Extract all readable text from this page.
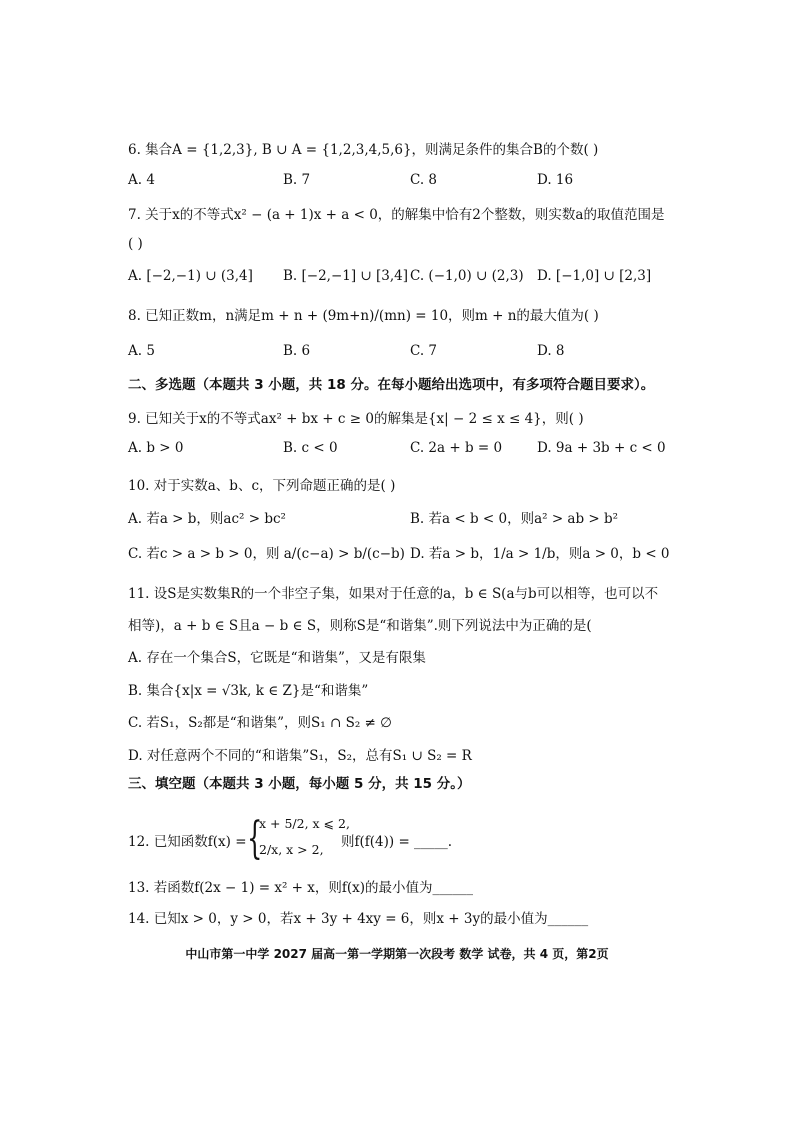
6. 集合A = {1,2,3}, B ∪ A = {1,2,3,4,5,6}，则满足条件的集合B的个数( )
A. 4	B. 7	C. 8	D. 16
7. 关于x的不等式x² − (a + 1)x + a < 0，的解集中恰有2个整数，则实数a的取值范围是
( )
A. [−2,−1) ∪ (3,4] B. [−2,−1] ∪ [3,4] C. (−1,0) ∪ (2,3) D. [−1,0] ∪ [2,3]
8. 已知正数m，n满足m + n + (9m+n)/(mn) = 10，则m + n的最大值为( )
A. 5	B. 6	C. 7	D. 8
二、多选题（本题共 3 小题，共 18 分。在每小题给出选项中，有多项符合题目要求）。
9. 已知关于x的不等式ax² + bx + c ≥ 0的解集是{x| − 2 ≤ x ≤ 4}，则( )
A. b > 0	B. c < 0	C. 2a + b = 0	D. 9a + 3b + c < 0
10. 对于实数a、b、c，下列命题正确的是( )
A. 若a > b，则ac² > bc²	B. 若a < b < 0，则a² > ab > b²
C. 若c > a > b > 0，则 a/(c−a) > b/(c−b) D. 若a > b，1/a > 1/b，则a > 0，b < 0
11. 设S是实数集R的一个非空子集，如果对于任意的a，b ∈ S(a与b可以相等，也可以不
相等)，a + b ∈ S且a − b ∈ S，则称S是“和谐集”.则下列说法中为正确的是(
A. 存在一个集合S，它既是“和谐集”，又是有限集
B. 集合{x|x = √3k, k ∈ Z}是“和谐集”
C. 若S₁，S₂都是“和谐集”，则S₁ ∩ S₂ ≠ ∅
D. 对任意两个不同的“和谐集”S₁，S₂，总有S₁ ∪ S₂ = R
三、填空题（本题共 3 小题，每小题 5 分，共 15 分。）
12. 已知函数f(x) = {
x + 5/2, x ⩽ 2,
2/x, x > 2, 则f(f(4)) = _____.
13. 若函数f(2x − 1) = x² + x，则f(x)的最小值为______
14. 已知x > 0，y > 0，若x + 3y + 4xy = 6，则x + 3y的最小值为______
中山市第一中学 2027 届高一第一学期第一次段考 数学 试卷，共 4 页，第2页
